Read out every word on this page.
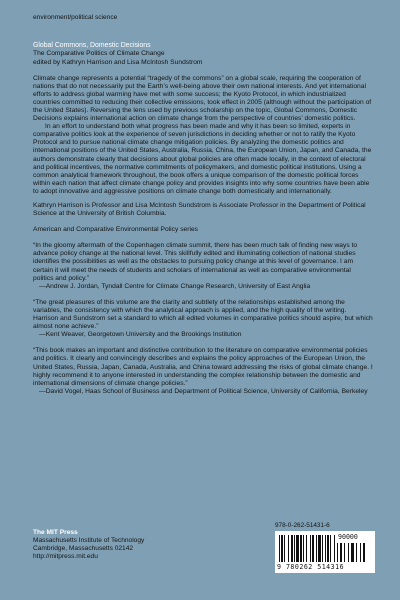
environment/political science
Global Commons, Domestic Decisions
The Comparative Politics of Climate Change
edited by Kathryn Harrison and Lisa McIntosh Sundstrom

Climate change represents a potential “tragedy of the commons” on a global scale, requiring the cooperation of nations that do not necessarily put the Earth’s well-being above their own national interests. And yet international efforts to address global warming have met with some success; the Kyoto Protocol, in which industrialized countries committed to reducing their collective emissions, took effect in 2005 (although without the participation of the United States). Reversing the lens used by previous scholarship on the topic, Global Commons, Domestic Decisions explains international action on climate change from the perspective of countries’ domestic politics.

In an effort to understand both what progress has been made and why it has been so limited, experts in comparative politics look at the experience of seven jurisdictions in deciding whether or not to ratify the Kyoto Protocol and to pursue national climate change mitigation policies. By analyzing the domestic politics and international positions of the United States, Australia, Russia, China, the European Union, Japan, and Canada, the authors demonstrate clearly that decisions about global policies are often made locally, in the context of electoral and political incentives, the normative commitments of policymakers, and domestic political institutions. Using a common analytical framework throughout, the book offers a unique comparison of the domestic political forces within each nation that affect climate change policy and provides insights into why some countries have been able to adopt innovative and aggressive positions on climate change both domestically and internationally.

Kathryn Harrison is Professor and Lisa McIntosh Sundstrom is Associate Professor in the Department of Political Science at the University of British Columbia.

American and Comparative Environmental Policy series

“In the gloomy aftermath of the Copenhagen climate summit, there has been much talk of finding new ways to advance policy change at the national level. This skillfully edited and illuminating collection of national studies identifies the possibilities as well as the obstacles to pursuing policy change at this level of governance. I am certain it will meet the needs of students and scholars of international as well as comparative environmental politics and policy.”
—Andrew J. Jordan, Tyndall Centre for Climate Change Research, University of East Anglia
“The great pleasures of this volume are the clarity and subtlety of the relationships established among the variables, the consistency with which the analytical approach is applied, and the high quality of the writing. Harrison and Sundstrom set a standard to which all edited volumes in comparative politics should aspire, but which almost none achieve.”
—Kent Weaver, Georgetown University and the Brookings Institution
“This book makes an important and distinctive contribution to the literature on comparative environmental policies and politics. It clearly and convincingly describes and explains the policy approaches of the European Union, the United States, Russia, Japan, Canada, Australia, and China toward addressing the risks of global climate change. I highly recommend it to anyone interested in understanding the complex relationship between the domestic and international dimensions of climate change policies.”
—David Vogel, Haas School of Business and Department of Political Science, University of California, Berkeley
The MIT Press
Massachusetts Institute of Technology
Cambridge, Massachusetts 02142
http://mitpress.mit.edu
978-0-262-51431-6
90000
9 780262 514316
